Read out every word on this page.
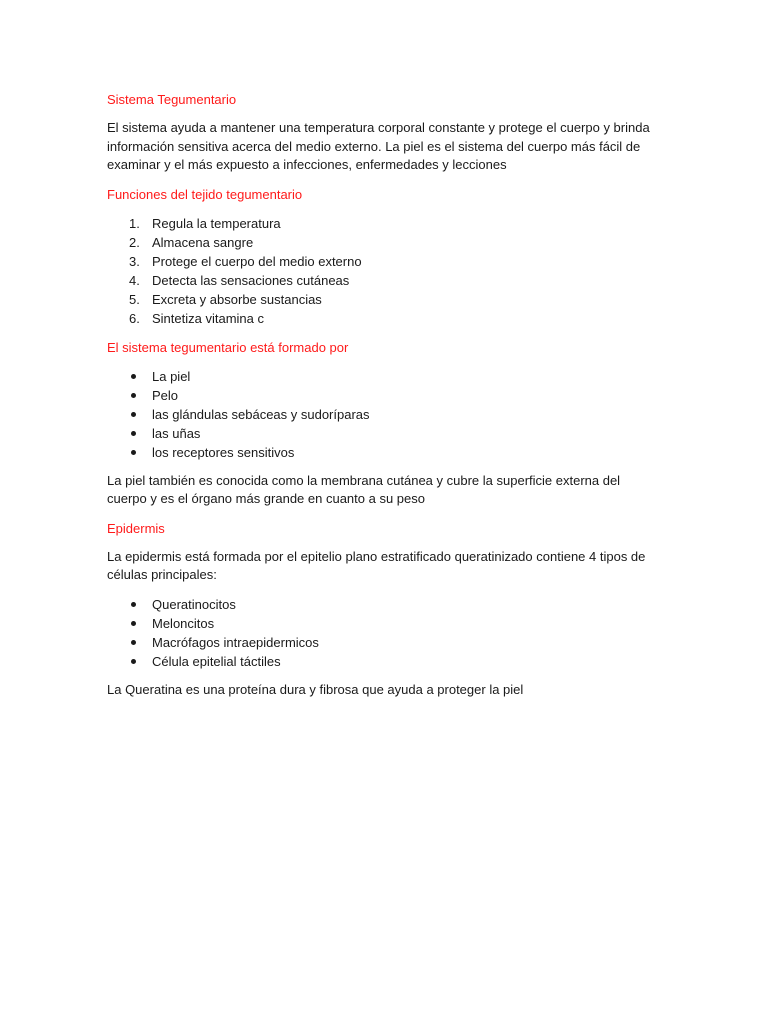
Sistema Tegumentario

El sistema ayuda a mantener una temperatura corporal constante y protege el cuerpo y brinda información sensitiva acerca del medio externo. La piel es el sistema del cuerpo más fácil de examinar y el más expuesto a infecciones, enfermedades y lecciones

Funciones del tejido tegumentario

1. Regula la temperatura
2. Almacena sangre
3. Protege el cuerpo del medio externo
4. Detecta las sensaciones cutáneas
5. Excreta y absorbe sustancias
6. Sintetiza vitamina c

El sistema tegumentario está formado por

La piel
Pelo
las glándulas sebáceas y sudoríparas
las uñas
los receptores sensitivos

La piel también es conocida como la membrana cutánea y cubre la superficie externa del cuerpo y es el órgano más grande en cuanto a su peso

Epidermis

La epidermis está formada por el epitelio plano estratificado queratinizado contiene 4 tipos de células principales:

Queratinocitos
Meloncitos
Macrófagos intraepidermicos
Célula epitelial táctiles

La Queratina es una proteína dura y fibrosa que ayuda a proteger la piel
